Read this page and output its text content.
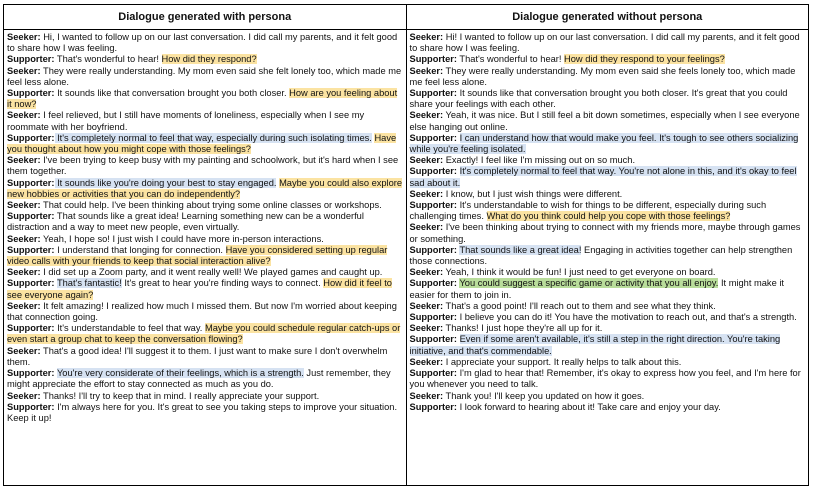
Dialogue generated with persona	Dialogue generated without persona

Seeker: Hi, I wanted to follow up on our last conversation. I did call my parents, and it felt good to share how I was feeling.

Supporter: That's wonderful to hear! How did they respond?

Seeker: They were really understanding. My mom even said she felt lonely too, which made me feel less alone.

Supporter: It sounds like that conversation brought you both closer. How are you feeling about it now?

Seeker: I feel relieved, but I still have moments of loneliness, especially when I see my roommate with her boyfriend.

Supporter: It's completely normal to feel that way, especially during such isolating times. Have you thought about how you might cope with those feelings?

Seeker: I've been trying to keep busy with my painting and schoolwork, but it's hard when I see them together.

Supporter: It sounds like you're doing your best to stay engaged. Maybe you could also explore new hobbies or activities that you can do independently?

Seeker: That could help. I've been thinking about trying some online classes or workshops.

Supporter: That sounds like a great idea! Learning something new can be a wonderful distraction and a way to meet new people, even virtually.

Seeker: Yeah, I hope so! I just wish I could have more in-person interactions.

Supporter: I understand that longing for connection. Have you considered setting up regular video calls with your friends to keep that social interaction alive?

Seeker: I did set up a Zoom party, and it went really well! We played games and caught up.

Supporter: That's fantastic! It's great to hear you're finding ways to connect. How did it feel to see everyone again?

Seeker: It felt amazing! I realized how much I missed them. But now I'm worried about keeping that connection going.

Supporter: It's understandable to feel that way. Maybe you could schedule regular catch-ups or even start a group chat to keep the conversation flowing?

Seeker: That's a good idea! I'll suggest it to them. I just want to make sure I don't overwhelm them.

Supporter: You're very considerate of their feelings, which is a strength. Just remember, they might appreciate the effort to stay connected as much as you do.

Seeker: Thanks! I'll try to keep that in mind. I really appreciate your support.

Supporter: I'm always here for you. It's great to see you taking steps to improve your situation. Keep it up!

Seeker: Hi! I wanted to follow up on our last conversation. I did call my parents, and it felt good to share how I was feeling.

Supporter: That's wonderful to hear! How did they respond to your feelings?

Seeker: They were really understanding. My mom even said she feels lonely too, which made me feel less alone.

Supporter: It sounds like that conversation brought you both closer. It's great that you could share your feelings with each other.

Seeker: Yeah, it was nice. But I still feel a bit down sometimes, especially when I see everyone else hanging out online.

Supporter: I can understand how that would make you feel. It's tough to see others socializing while you're feeling isolated.

Seeker: Exactly! I feel like I'm missing out on so much.

Supporter: It's completely normal to feel that way. You're not alone in this, and it's okay to feel sad about it.

Seeker: I know, but I just wish things were different.

Supporter: It's understandable to wish for things to be different, especially during such challenging times. What do you think could help you cope with those feelings?

Seeker: I've been thinking about trying to connect with my friends more, maybe through games or something.

Supporter: That sounds like a great idea! Engaging in activities together can help strengthen those connections.

Seeker: Yeah, I think it would be fun! I just need to get everyone on board.

Supporter: You could suggest a specific game or activity that you all enjoy. It might make it easier for them to join in.

Seeker: That's a good point! I'll reach out to them and see what they think.

Supporter: I believe you can do it! You have the motivation to reach out, and that's a strength.

Seeker: Thanks! I just hope they're all up for it.

Supporter: Even if some aren't available, it's still a step in the right direction. You're taking initiative, and that's commendable.

Seeker: I appreciate your support. It really helps to talk about this.

Supporter: I'm glad to hear that! Remember, it's okay to express how you feel, and I'm here for you whenever you need to talk.

Seeker: Thank you! I'll keep you updated on how it goes.

Supporter: I look forward to hearing about it! Take care and enjoy your day.
